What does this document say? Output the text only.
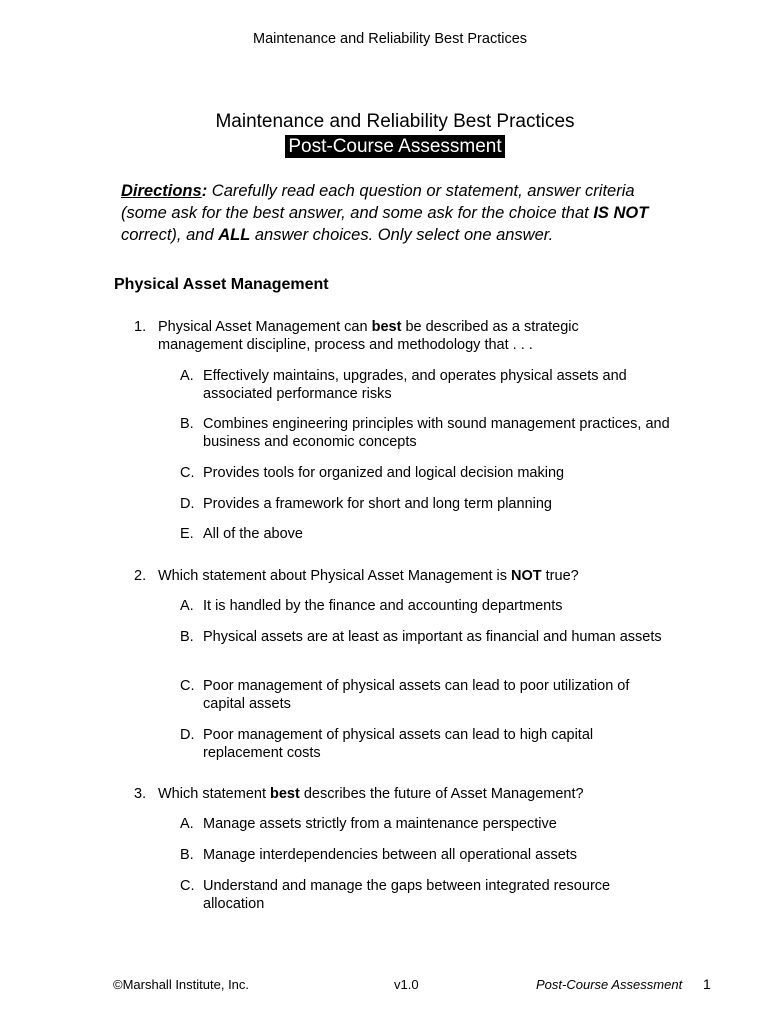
Maintenance and Reliability Best Practices
Maintenance and Reliability Best Practices
Post-Course Assessment
Directions: Carefully read each question or statement, answer criteria (some ask for the best answer, and some ask for the choice that IS NOT correct), and ALL answer choices. Only select one answer.
Physical Asset Management
1. Physical Asset Management can best be described as a strategic management discipline, process and methodology that . . .
A. Effectively maintains, upgrades, and operates physical assets and associated performance risks
B. Combines engineering principles with sound management practices, and business and economic concepts
C. Provides tools for organized and logical decision making
D. Provides a framework for short and long term planning
E. All of the above
2. Which statement about Physical Asset Management is NOT true?
A. It is handled by the finance and accounting departments
B. Physical assets are at least as important as financial and human assets
C. Poor management of physical assets can lead to poor utilization of capital assets
D. Poor management of physical assets can lead to high capital replacement costs
3. Which statement best describes the future of Asset Management?
A. Manage assets strictly from a maintenance perspective
B. Manage interdependencies between all operational assets
C. Understand and manage the gaps between integrated resource allocation
©Marshall Institute, Inc.	v1.0	Post-Course Assessment 1
